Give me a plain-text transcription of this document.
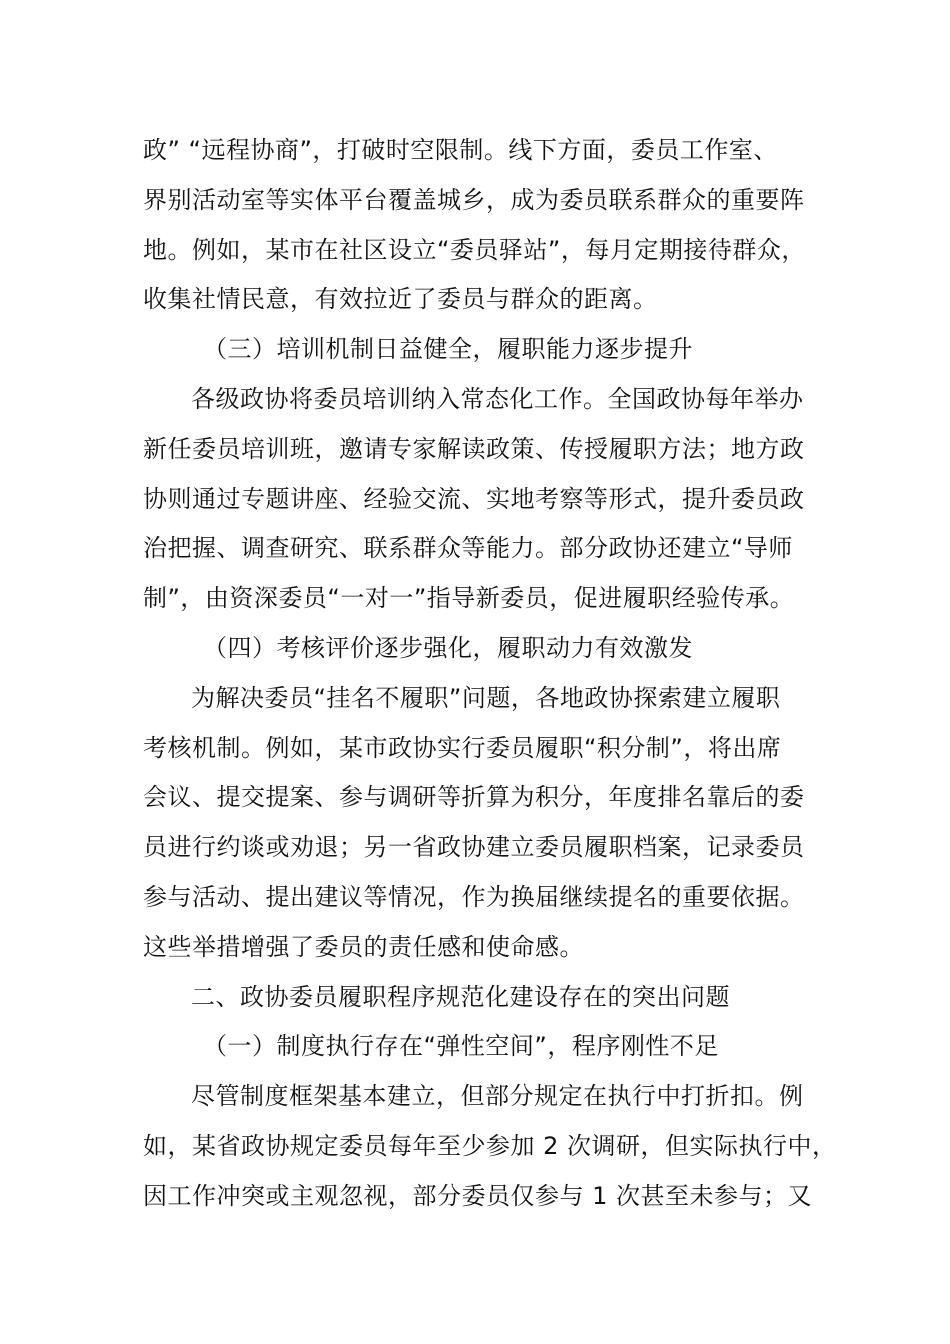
政” “远程协商”，打破时空限制。线下方面，委员工作室、
界别活动室等实体平台覆盖城乡，成为委员联系群众的重要阵
地。例如，某市在社区设立“委员驿站”，每月定期接待群众，
收集社情民意，有效拉近了委员与群众的距离。
（三）培训机制日益健全，履职能力逐步提升
各级政协将委员培训纳入常态化工作。全国政协每年举办
新任委员培训班，邀请专家解读政策、传授履职方法；地方政
协则通过专题讲座、经验交流、实地考察等形式，提升委员政
治把握、调查研究、联系群众等能力。部分政协还建立“导师
制”，由资深委员“一对一”指导新委员，促进履职经验传承。
（四）考核评价逐步强化，履职动力有效激发
为解决委员“挂名不履职”问题，各地政协探索建立履职
考核机制。例如，某市政协实行委员履职“积分制”，将出席
会议、提交提案、参与调研等折算为积分，年度排名靠后的委
员进行约谈或劝退；另一省政协建立委员履职档案，记录委员
参与活动、提出建议等情况，作为换届继续提名的重要依据。
这些举措增强了委员的责任感和使命感。
二、政协委员履职程序规范化建设存在的突出问题
（一）制度执行存在“弹性空间”，程序刚性不足
尽管制度框架基本建立，但部分规定在执行中打折扣。例
如，某省政协规定委员每年至少参加 2 次调研，但实际执行中，
因工作冲突或主观忽视，部分委员仅参与 1 次甚至未参与；又
